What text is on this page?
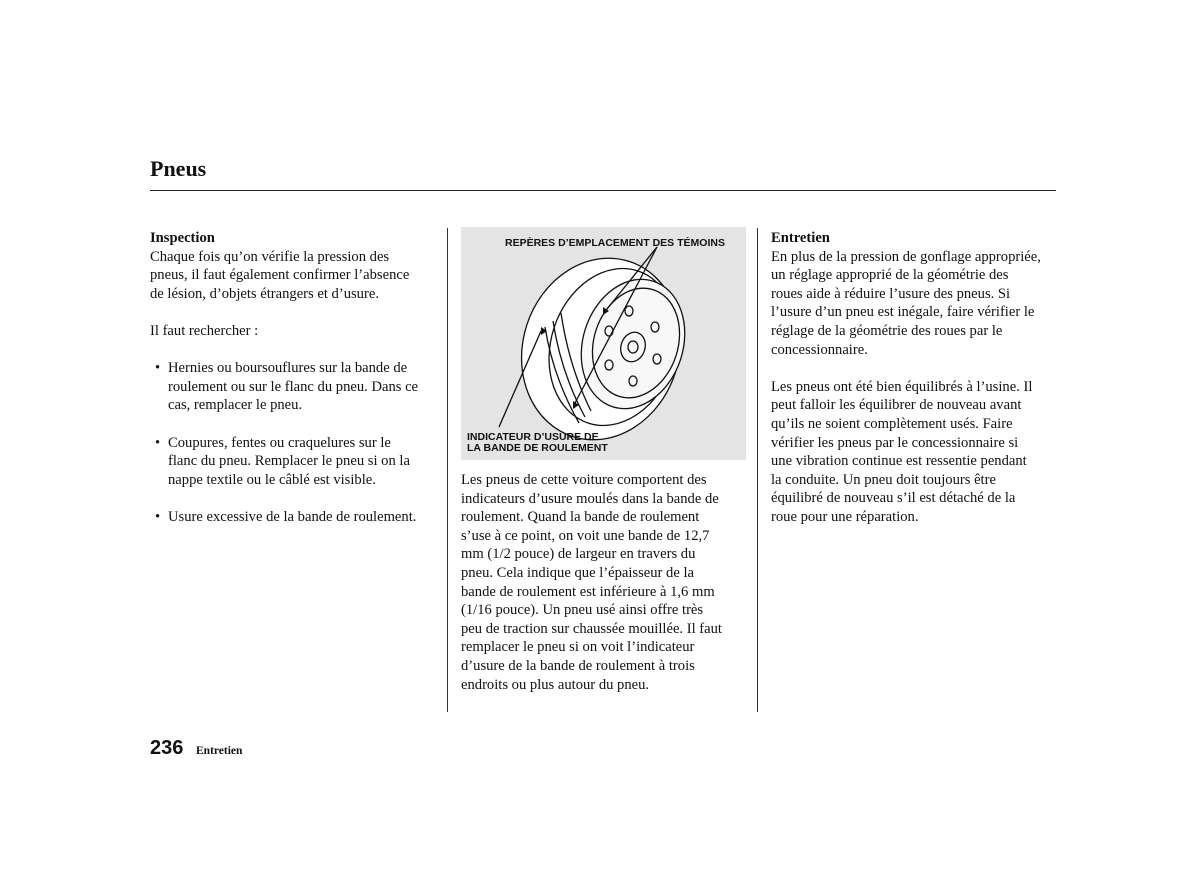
Pneus

Inspection

Chaque fois qu’on vérifie la pression des

pneus, il faut également confirmer l’absence

de lésion, d’objets étrangers et d’usure.

Il faut rechercher :

• Hernies ou boursouflures sur la bande de

roulement ou sur le flanc du pneu. Dans ce

cas, remplacer le pneu.

• Coupures, fentes ou craquelures sur le

flanc du pneu. Remplacer le pneu si on la

nappe textile ou le câblé est visible.

• Usure excessive de la bande de roulement.

REPÈRES D’EMPLACEMENT DES TÉMOINS
INDICATEUR D’USURE DE
LA BANDE DE ROULEMENT

Les pneus de cette voiture comportent des

indicateurs d’usure moulés dans la bande de

roulement. Quand la bande de roulement

s’use à ce point, on voit une bande de 12,7

mm (1/2 pouce) de largeur en travers du

pneu. Cela indique que l’épaisseur de la

bande de roulement est inférieure à 1,6 mm

(1/16 pouce). Un pneu usé ainsi offre très

peu de traction sur chaussée mouillée. Il faut

remplacer le pneu si on voit l’indicateur

d’usure de la bande de roulement à trois

endroits ou plus autour du pneu.

Entretien

En plus de la pression de gonflage appropriée,

un réglage approprié de la géométrie des

roues aide à réduire l’usure des pneus. Si

l’usure d’un pneu est inégale, faire vérifier le

réglage de la géométrie des roues par le

concessionnaire.

Les pneus ont été bien équilibrés à l’usine. Il

peut falloir les équilibrer de nouveau avant

qu’ils ne soient complètement usés. Faire

vérifier les pneus par le concessionnaire si

une vibration continue est ressentie pendant

la conduite. Un pneu doit toujours être

équilibré de nouveau s’il est détaché de la

roue pour une réparation.

236 Entretien
